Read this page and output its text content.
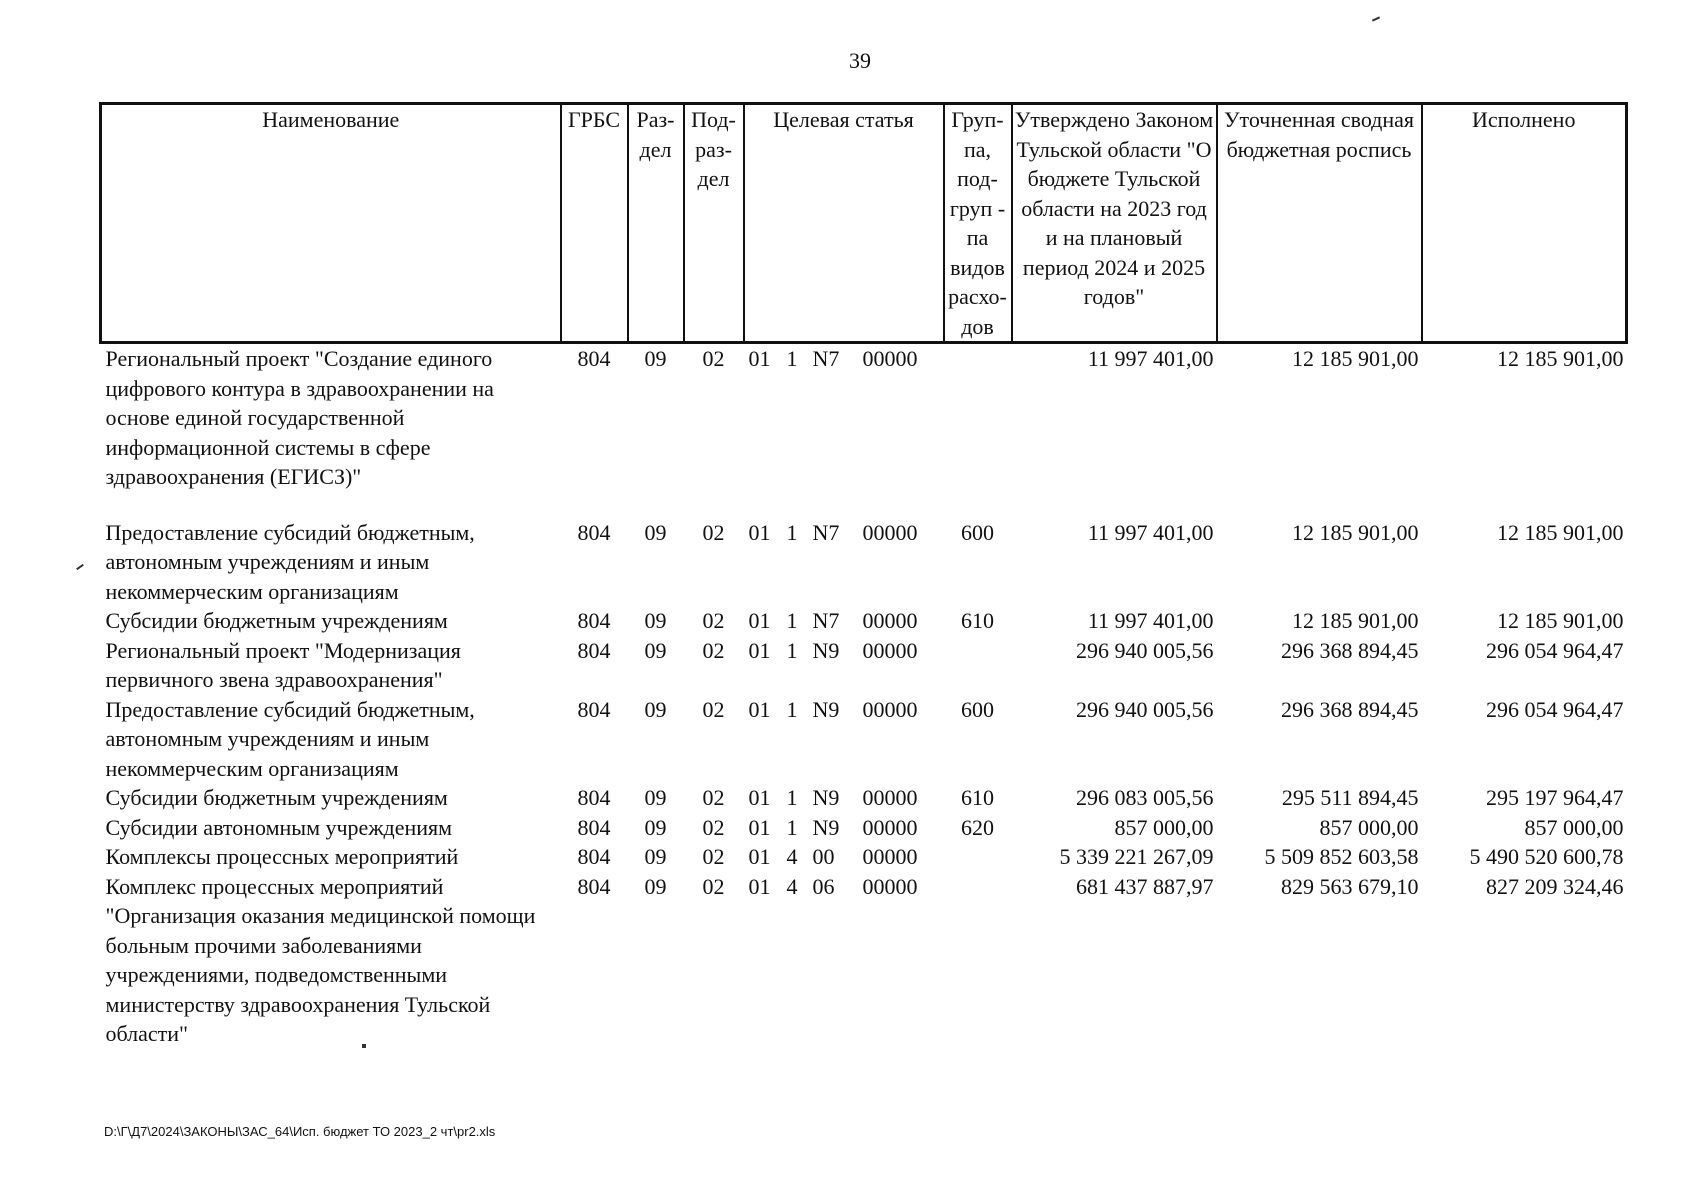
39
Наименование	ГРБС	Раз-дел	Под-раз-дел	Целевая статья	Груп-па, под-груп - па видов расхо-дов	Утверждено Законом Тульской области "О бюджете Тульской области на 2023 год и на плановый период 2024 и 2025 годов"	Уточненная сводная бюджетная роспись	Исполнено
Региональный проект "Создание единого цифрового контура в здравоохранении на основе единой государственной информационной системы в сфере здравоохранения (ЕГИСЗ)"	804	09	02	01 1 N7 00000		11 997 401,00	12 185 901,00	12 185 901,00

Предоставление субсидий бюджетным, автономным учреждениям и иным некоммерческим организациям	804	09	02	01 1 N7 00000	600	11 997 401,00	12 185 901,00	12 185 901,00
Субсидии бюджетным учреждениям	804	09	02	01 1 N7 00000	610	11 997 401,00	12 185 901,00	12 185 901,00
Региональный проект "Модернизация первичного звена здравоохранения"	804	09	02	01 1 N9 00000		296 940 005,56	296 368 894,45	296 054 964,47
Предоставление субсидий бюджетным, автономным учреждениям и иным некоммерческим организациям	804	09	02	01 1 N9 00000	600	296 940 005,56	296 368 894,45	296 054 964,47
Субсидии бюджетным учреждениям	804	09	02	01 1 N9 00000	610	296 083 005,56	295 511 894,45	295 197 964,47
Субсидии автономным учреждениям	804	09	02	01 1 N9 00000	620	857 000,00	857 000,00	857 000,00
Комплексы процессных мероприятий	804	09	02	01 4 00 00000		5 339 221 267,09	5 509 852 603,58	5 490 520 600,78
Комплекс процессных мероприятий "Организация оказания медицинской помощи больным прочими заболеваниями учреждениями, подведомственными министерству здравоохранения Тульской области"	804	09	02	01 4 06 00000		681 437 887,97	829 563 679,10	827 209 324,46
D:\Г\Д7\2024\ЗАКОНЫ\ЗАС_64\Исп. бюджет ТО 2023_2 чт\pr2.xls
